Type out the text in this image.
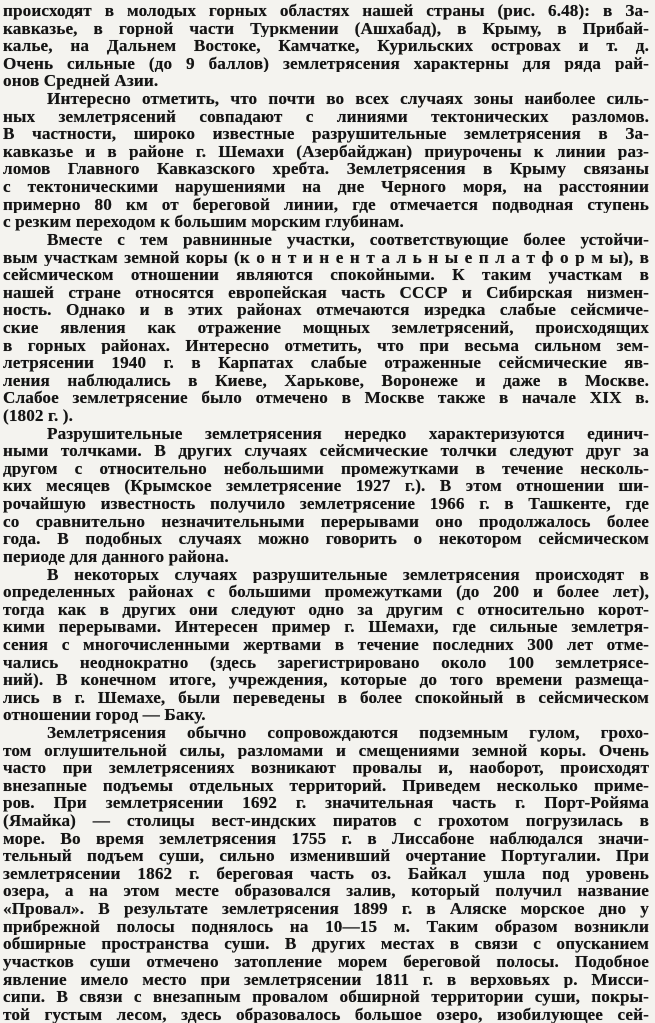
происходят в молодых горных областях нашей страны (рис. 6.48): в За-
кавказье, в горной части Туркмении (Ашхабад), в Крыму, в Прибай-
калье, на Дальнем Востоке, Камчатке, Курильских островах и т. д.
Очень сильные (до 9 баллов) землетрясения характерны для ряда рай-
онов Средней Азии.
Интересно отметить, что почти во всех случаях зоны наиболее силь-
ных землетрясений совпадают с линиями тектонических разломов.
В частности, широко известные разрушительные землетрясения в За-
кавказье и в районе г. Шемахи (Азербайджан) приурочены к линии раз-
ломов Главного Кавказского хребта. Землетрясения в Крыму связаны
с тектоническими нарушениями на дне Черного моря, на расстоянии
примерно 80 км от береговой линии, где отмечается подводная ступень
с резким переходом к большим морским глубинам.
Вместе с тем равнинные участки, соответствующие более устойчи-
вым участкам земной коры (к о н т и н е н т а л ь н ы е п л а т ф о р м ы), в
сейсмическом отношении являются спокойными. К таким участкам в
нашей стране относятся европейская часть СССР и Сибирская низмен-
ность. Однако и в этих районах отмечаются изредка слабые сейсмиче-
ские явления как отражение мощных землетрясений, происходящих
в горных районах. Интересно отметить, что при весьма сильном зем-
летрясении 1940 г. в Карпатах слабые отраженные сейсмические яв-
ления наблюдались в Киеве, Харькове, Воронеже и даже в Москве.
Слабое землетрясение было отмечено в Москве также в начале XIX в.
(1802 г. ).
Разрушительные землетрясения нередко характеризуются единич-
ными толчками. В других случаях сейсмические толчки следуют друг за
другом с относительно небольшими промежутками в течение несколь-
ких месяцев (Крымское землетрясение 1927 г.). В этом отношении ши-
рочайшую известность получило землетрясение 1966 г. в Ташкенте, где
со сравнительно незначительными перерывами оно продолжалось более
года. В подобных случаях можно говорить о некотором сейсмическом
периоде для данного района.
В некоторых случаях разрушительные землетрясения происходят в
определенных районах с большими промежутками (до 200 и более лет),
тогда как в других они следуют одно за другим с относительно корот-
кими перерывами. Интересен пример г. Шемахи, где сильные землетря-
сения с многочисленными жертвами в течение последних 300 лет отме-
чались неоднократно (здесь зарегистрировано около 100 землетрясе-
ний). В конечном итоге, учреждения, которые до того времени размеща-
лись в г. Шемахе, были переведены в более спокойный в сейсмическом
отношении город — Баку.
Землетрясения обычно сопровождаются подземным гулом, грохо-
том оглушительной силы, разломами и смещениями земной коры. Очень
часто при землетрясениях возникают провалы и, наоборот, происходят
внезапные подъемы отдельных территорий. Приведем несколько приме-
ров. При землетрясении 1692 г. значительная часть г. Порт-Ройяма
(Ямайка) — столицы вест-индских пиратов с грохотом погрузилась в
море. Во время землетрясения 1755 г. в Лиссабоне наблюдался значи-
тельный подъем суши, сильно изменивший очертание Португалии. При
землетрясении 1862 г. береговая часть оз. Байкал ушла под уровень
озера, а на этом месте образовался залив, который получил название
«Провал». В результате землетрясения 1899 г. в Аляске морское дно у
прибрежной полосы поднялось на 10—15 м. Таким образом возникли
обширные пространства суши. В других местах в связи с опусканием
участков суши отмечено затопление морем береговой полосы. Подобное
явление имело место при землетрясении 1811 г. в верховьях р. Мисси-
сипи. В связи с внезапным провалом обширной территории суши, покры-
той густым лесом, здесь образовалось большое озеро, изобилующее сей-
